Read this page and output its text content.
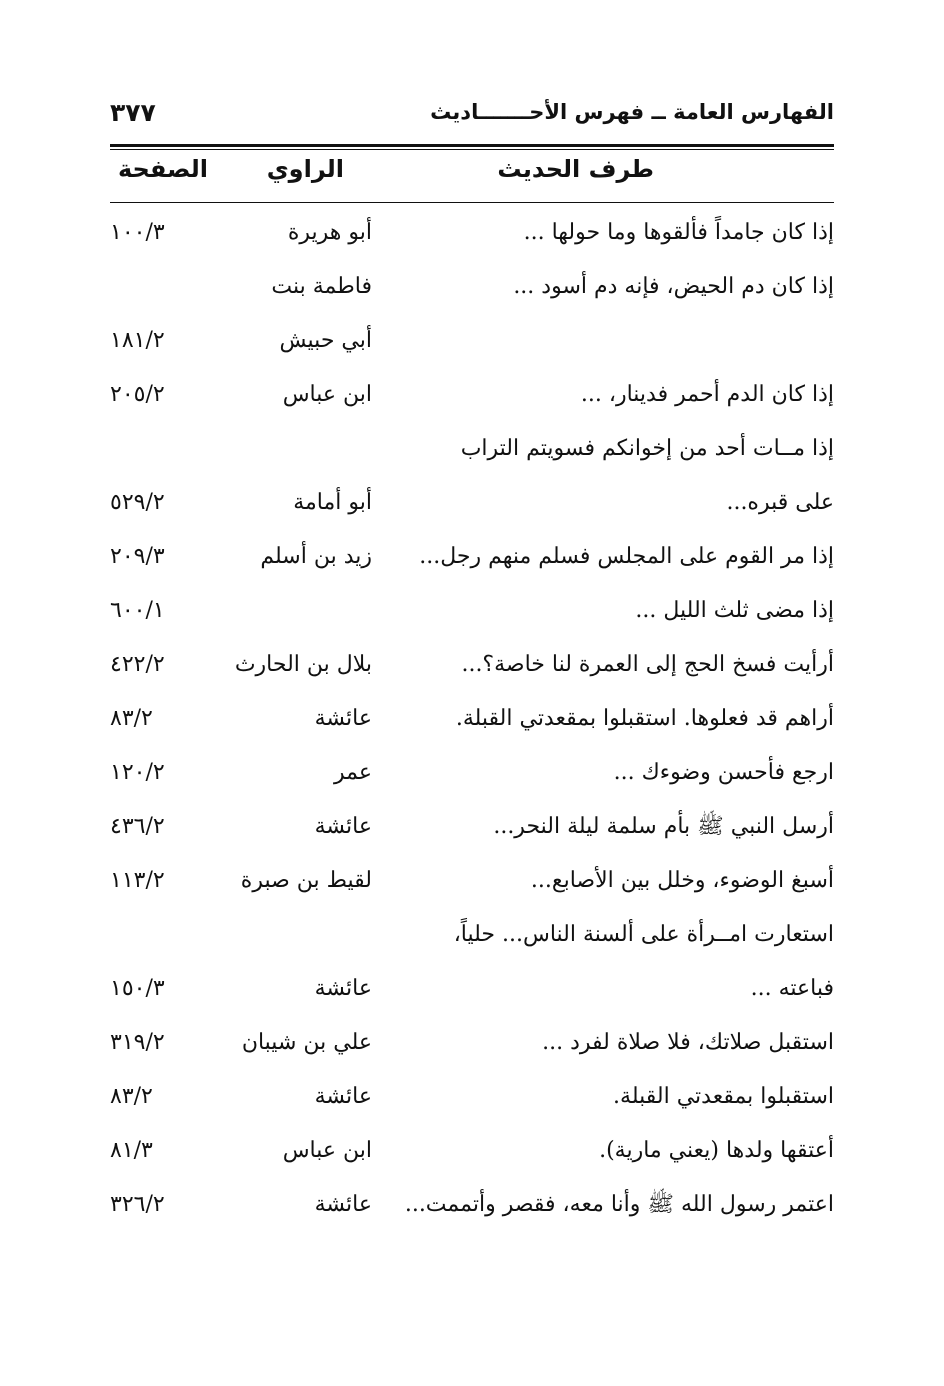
الفهارس العامة ــ فهرس الأحـــــــاديث
٣٧٧
طرف الحديث
الراوي
الصفحة
إذا كان جامداً فألقوها وما حولها ...
أبو هريرة
١٠٠/٣
إذا كان دم الحيض، فإنه دم أسود ...
فاطمة بنت
أبي حبيش
١٨١/٢
إذا كان الدم أحمر فدينار، ...
ابن عباس
٢٠٥/٢
إذا مــات أحد من إخوانكم فسويتم التراب
على قبره...
أبو أمامة
٥٢٩/٢
إذا مر القوم على المجلس فسلم منهم رجل...
زيد بن أسلم
٢٠٩/٣
إذا مضى ثلث الليل ...
٦٠٠/١
أرأيت فسخ الحج إلى العمرة لنا خاصة؟...
بلال بن الحارث
٤٢٢/٢
أراهم قد فعلوها. استقبلوا بمقعدتي القبلة.
عائشة
٨٣/٢
ارجع فأحسن وضوءك ...
عمر
١٢٠/٢
أرسل النبي ﷺ بأم سلمة ليلة النحر...
عائشة
٤٣٦/٢
أسبغ الوضوء، وخلل بين الأصابع...
لقيط بن صبرة
١١٣/٢
استعارت امــرأة على ألسنة الناس... حلياً،
فباعته ...
عائشة
١٥٠/٣
استقبل صلاتك، فلا صلاة لفرد ...
علي بن شيبان
٣١٩/٢
استقبلوا بمقعدتي القبلة.
عائشة
٨٣/٢
أعتقها ولدها (يعني مارية).
ابن عباس
٨١/٣
اعتمر رسول الله ﷺ وأنا معه، فقصر وأتممت...
عائشة
٣٢٦/٢
